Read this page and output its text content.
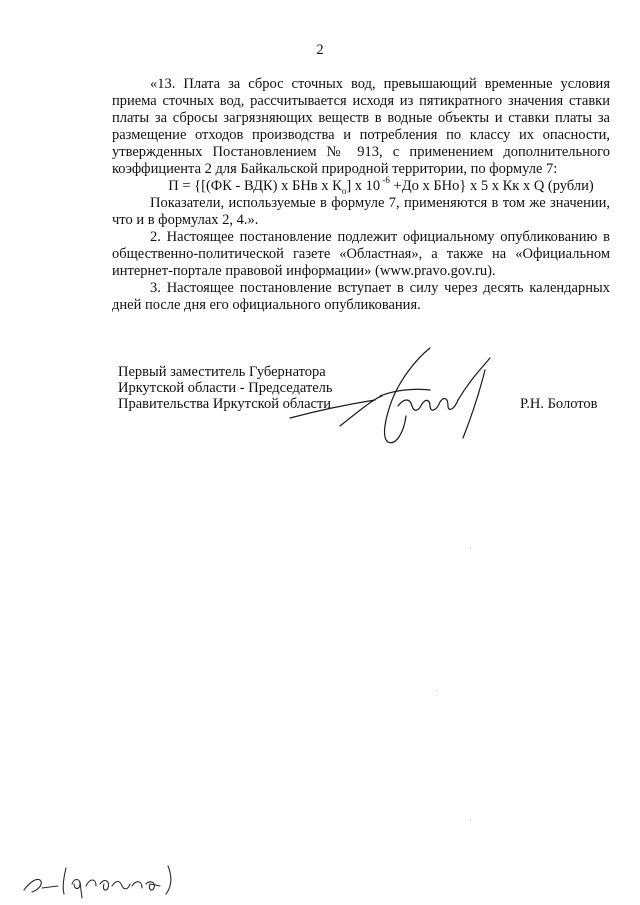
2

«13. Плата за сброс сточных вод, превышающий временные условия приема сточных вод, рассчитывается исходя из пятикратного значения ставки платы за сбросы загрязняющих веществ в водные объекты и ставки платы за размещение отходов производства и потребления по классу их опасности, утвержденных Постановлением № 913, с применением дополнительного коэффициента 2 для Байкальской природной территории, по формуле 7:

П = {[(ФК - ВДК) х БНв х $К_о$] х 10 $^{-6}$ +До х БНо} х 5 х Кк х Q (рубли)

Показатели, используемые в формуле 7, применяются в том же значении, что и в формулах 2, 4.».

2. Настоящее постановление подлежит официальному опубликованию в общественно-политической газете «Областная», а также на «Официальном интернет-портале правовой информации» (www.pravo.gov.ru).

3. Настоящее постановление вступает в силу через десять календарных дней после дня его официального опубликования.

Первый заместитель Губернатора
Иркутской области - Председатель
Правительства Иркутской области	Р.Н. Болотов
